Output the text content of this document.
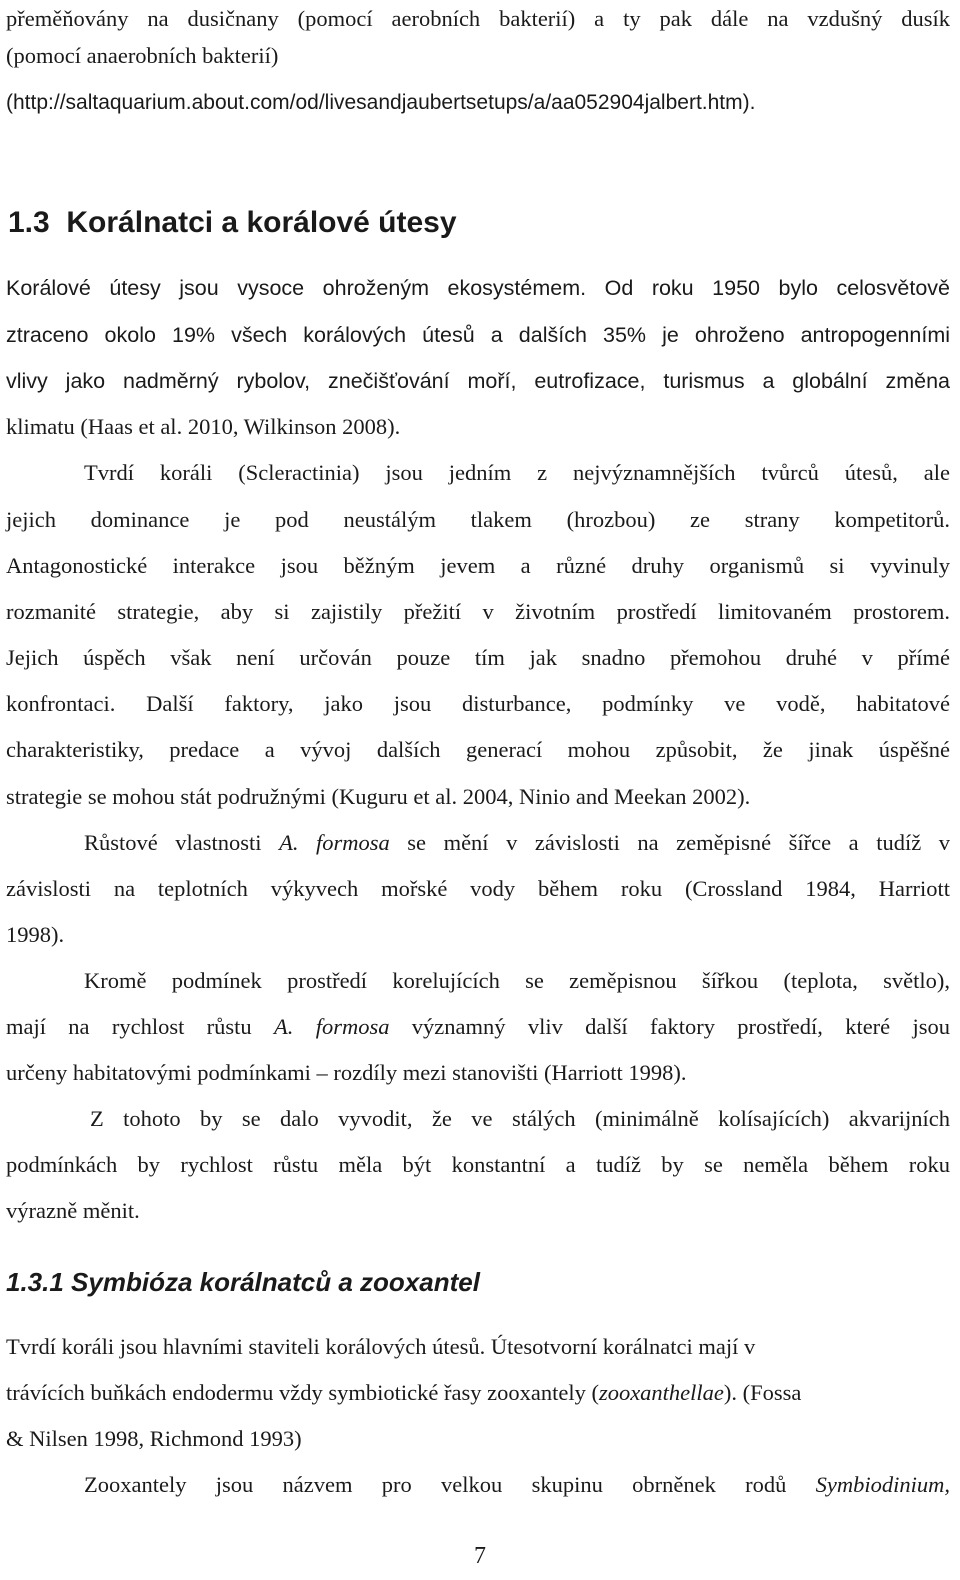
přeměňovány na dusičnany (pomocí aerobních bakterií) a ty pak dále na vzdušný dusík

(pomocí anaerobních bakterií)

(http://saltaquarium.about.com/od/livesandjaubertsetups/a/aa052904jalbert.htm).

1.3 Korálnatci a korálové útesy

Korálové útesy jsou vysoce ohroženým ekosystémem. Od roku 1950 bylo celosvětově

ztraceno okolo 19% všech korálových útesů a dalších 35% je ohroženo antropogenními

vlivy jako nadměrný rybolov, znečišťování moří, eutrofizace, turismus a globální změna

klimatu (Haas et al. 2010, Wilkinson 2008).

Tvrdí koráli (Scleractinia) jsou jedním z nejvýznamnějších tvůrců útesů, ale

jejich dominance je pod neustálým tlakem (hrozbou) ze strany kompetitorů.

Antagonostické interakce jsou běžným jevem a různé druhy organismů si vyvinuly

rozmanité strategie, aby si zajistily přežití v životním prostředí limitovaném prostorem.

Jejich úspěch však není určován pouze tím jak snadno přemohou druhé v přímé

konfrontaci. Další faktory, jako jsou disturbance, podmínky ve vodě, habitatové

charakteristiky, predace a vývoj dalších generací mohou způsobit, že jinak úspěšné

strategie se mohou stát podružnými (Kuguru et al. 2004, Ninio and Meekan 2002).

Růstové vlastnosti A. formosa se mění v závislosti na zeměpisné šířce a tudíž v

závislosti na teplotních výkyvech mořské vody během roku (Crossland 1984, Harriott

1998).

Kromě podmínek prostředí korelujících se zeměpisnou šířkou (teplota, světlo),

mají na rychlost růstu A. formosa významný vliv další faktory prostředí, které jsou

určeny habitatovými podmínkami – rozdíly mezi stanovišti (Harriott 1998).

Z tohoto by se dalo vyvodit, že ve stálých (minimálně kolísajících) akvarijních

podmínkách by rychlost růstu měla být konstantní a tudíž by se neměla během roku

výrazně měnit.

1.3.1 Symbióza korálnatců a zooxantel

Tvrdí koráli jsou hlavními staviteli korálových útesů. Útesotvorní korálnatci mají v

trávících buňkách endodermu vždy symbiotické řasy zooxantely (zooxanthellae). (Fossa

& Nilsen 1998, Richmond 1993)

Zooxantely jsou názvem pro velkou skupinu obrněnek rodů Symbiodinium,

7
